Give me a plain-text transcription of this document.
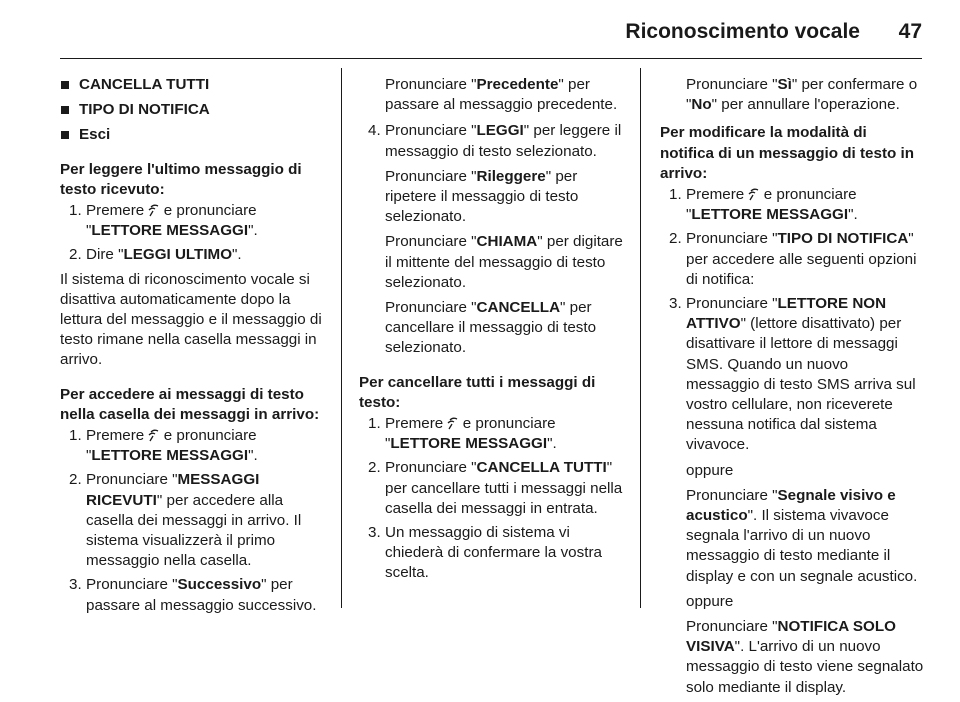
Riconoscimento vocale 47
CANCELLA TUTTI
TIPO DI NOTIFICA
Esci

Per leggere l'ultimo messaggio di testo ricevuto:

1. Premere e pronunciare
"LETTORE MESSAGGI".
2. Dire "LEGGI ULTIMO".

Il sistema di riconoscimento vocale si disattiva automaticamente dopo la lettura del messaggio e il messaggio di testo rimane nella casella messaggi in arrivo.

Per accedere ai messaggi di testo nella casella dei messaggi in arrivo:

1. Premere e pronunciare
"LETTORE MESSAGGI".
2. Pronunciare "MESSAGGI RICEVUTI" per accedere alla casella dei messaggi in arrivo. Il sistema visualizzerà il primo messaggio nella casella.
3. Pronunciare "Successivo" per passare al messaggio successivo.
Pronunciare "Precedente" per passare al messaggio precedente.
4. Pronunciare "LEGGI" per leggere il messaggio di testo selezionato.

Pronunciare "Rileggere" per ripetere il messaggio di testo selezionato.

Pronunciare "CHIAMA" per digitare il mittente del messaggio di testo selezionato.

Pronunciare "CANCELLA" per cancellare il messaggio di testo selezionato.

Per cancellare tutti i messaggi di testo:

1. Premere e pronunciare
"LETTORE MESSAGGI".
2. Pronunciare "CANCELLA TUTTI" per cancellare tutti i messaggi nella casella dei messaggi in entrata.
3. Un messaggio di sistema vi chiederà di confermare la vostra scelta.
Pronunciare "Sì" per confermare o "No" per annullare l'operazione.

Per modificare la modalità di notifica di un messaggio di testo in arrivo:

1. Premere e pronunciare
"LETTORE MESSAGGI".
2. Pronunciare "TIPO DI NOTIFICA" per accedere alle seguenti opzioni di notifica:
3. Pronunciare "LETTORE NON ATTIVO" (lettore disattivato) per disattivare il lettore di messaggi SMS. Quando un nuovo messaggio di testo SMS arriva sul vostro cellulare, non riceverete nessuna notifica dal sistema vivavoce.

oppure

Pronunciare "Segnale visivo e acustico". Il sistema vivavoce segnala l'arrivo di un nuovo messaggio di testo mediante il display e con un segnale acustico.

oppure

Pronunciare "NOTIFICA SOLO VISIVA". L'arrivo di un nuovo messaggio di testo viene segnalato solo mediante il display.
